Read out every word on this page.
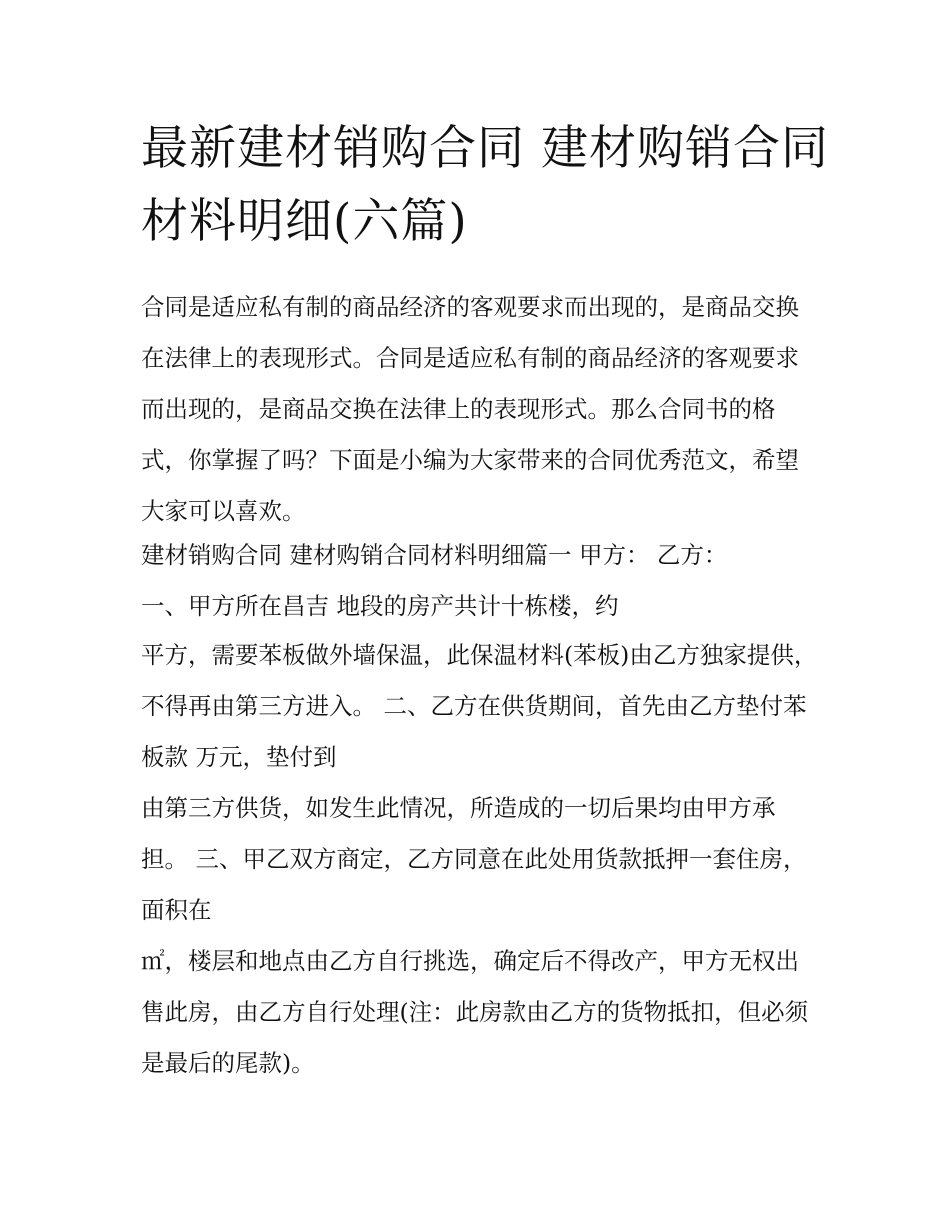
最新建材销购合同 建材购销合同材料明细(六篇)

合同是适应私有制的商品经济的客观要求而出现的，是商品交换在法律上的表现形式。合同是适应私有制的商品经济的客观要求而出现的，是商品交换在法律上的表现形式。那么合同书的格式，你掌握了吗？下面是小编为大家带来的合同优秀范文，希望大家可以喜欢。

建材销购合同 建材购销合同材料明细篇一 甲方： 乙方：

一、甲方所在昌吉 地段的房产共计十栋楼，约

平方，需要苯板做外墙保温，此保温材料(苯板)由乙方独家提供，不得再由第三方进入。 二、乙方在供货期间，首先由乙方垫付苯板款 万元，垫付到

由第三方供货，如发生此情况，所造成的一切后果均由甲方承担。 三、甲乙双方商定，乙方同意在此处用货款抵押一套住房，面积在

㎡，楼层和地点由乙方自行挑选，确定后不得改产，甲方无权出售此房，由乙方自行处理(注：此房款由乙方的货物抵扣，但必须是最后的尾款)。
